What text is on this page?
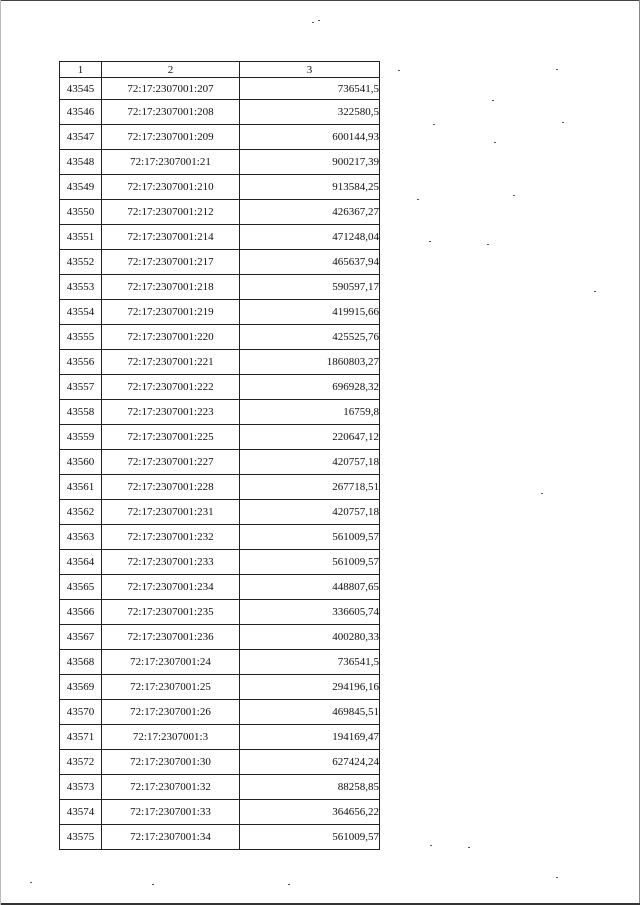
1	2	3
43545	72:17:2307001:207	736541,5
43546	72:17:2307001:208	322580,5
43547	72:17:2307001:209	600144,93
43548	72:17:2307001:21	900217,39
43549	72:17:2307001:210	913584,25
43550	72:17:2307001:212	426367,27
43551	72:17:2307001:214	471248,04
43552	72:17:2307001:217	465637,94
43553	72:17:2307001:218	590597,17
43554	72:17:2307001:219	419915,66
43555	72:17:2307001:220	425525,76
43556	72:17:2307001:221	1860803,27
43557	72:17:2307001:222	696928,32
43558	72:17:2307001:223	16759,8
43559	72:17:2307001:225	220647,12
43560	72:17:2307001:227	420757,18
43561	72:17:2307001:228	267718,51
43562	72:17:2307001:231	420757,18
43563	72:17:2307001:232	561009,57
43564	72:17:2307001:233	561009,57
43565	72:17:2307001:234	448807,65
43566	72:17:2307001:235	336605,74
43567	72:17:2307001:236	400280,33
43568	72:17:2307001:24	736541,5
43569	72:17:2307001:25	294196,16
43570	72:17:2307001:26	469845,51
43571	72:17:2307001:3	194169,47
43572	72:17:2307001:30	627424,24
43573	72:17:2307001:32	88258,85
43574	72:17:2307001:33	364656,22
43575	72:17:2307001:34	561009,57
